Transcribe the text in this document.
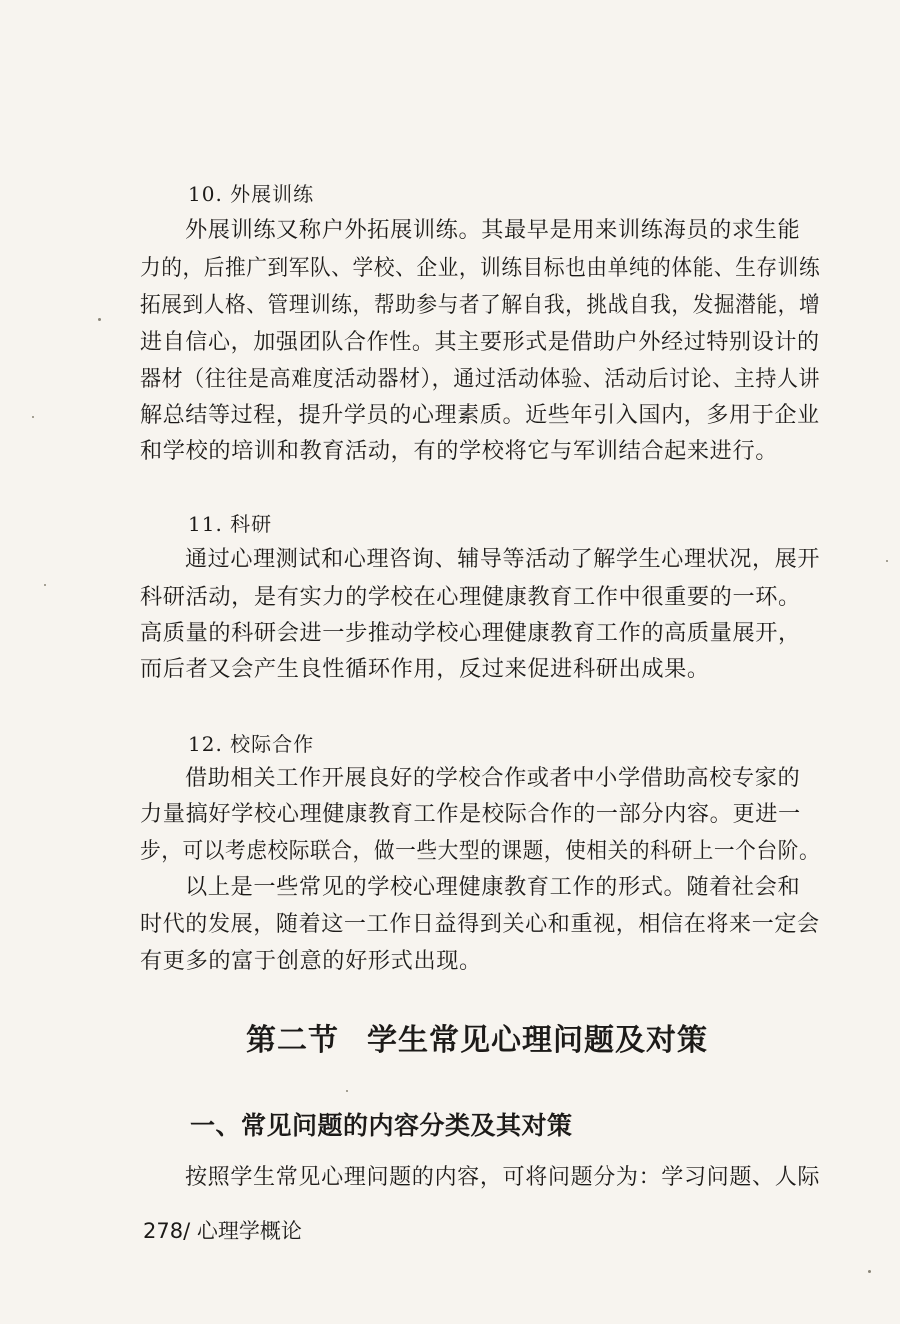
10. 外展训练
外展训练又称户外拓展训练。其最早是用来训练海员的求生能
力的，后推广到军队、学校、企业，训练目标也由单纯的体能、生存训练
拓展到人格、管理训练，帮助参与者了解自我，挑战自我，发掘潜能，增
进自信心，加强团队合作性。其主要形式是借助户外经过特别设计的
器材（往往是高难度活动器材），通过活动体验、活动后讨论、主持人讲
解总结等过程，提升学员的心理素质。近些年引入国内，多用于企业
和学校的培训和教育活动，有的学校将它与军训结合起来进行。
11. 科研
通过心理测试和心理咨询、辅导等活动了解学生心理状况，展开
科研活动，是有实力的学校在心理健康教育工作中很重要的一环。
高质量的科研会进一步推动学校心理健康教育工作的高质量展开，
而后者又会产生良性循环作用，反过来促进科研出成果。
12. 校际合作
借助相关工作开展良好的学校合作或者中小学借助高校专家的
力量搞好学校心理健康教育工作是校际合作的一部分内容。更进一
步，可以考虑校际联合，做一些大型的课题，使相关的科研上一个台阶。
以上是一些常见的学校心理健康教育工作的形式。随着社会和
时代的发展，随着这一工作日益得到关心和重视，相信在将来一定会
有更多的富于创意的好形式出现。
第二节 学生常见心理问题及对策
一、常见问题的内容分类及其对策
按照学生常见心理问题的内容，可将问题分为：学习问题、人际
278/ 心理学概论
